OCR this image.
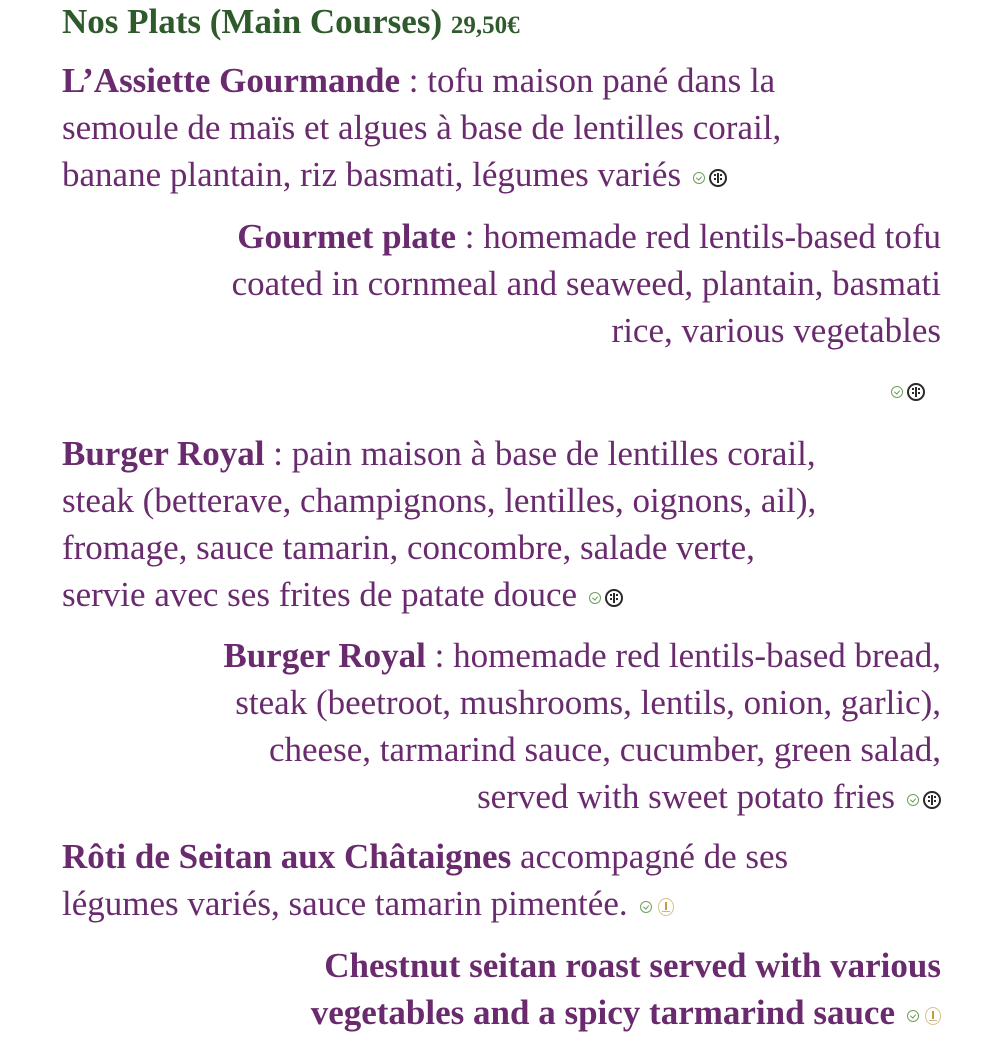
Nos Plats (Main Courses) 29,50€

L’Assiette Gourmande : tofu maison pané dans la
semoule de maïs et algues à base de lentilles corail,
banane plantain, riz basmati, légumes variés

Gourmet plate : homemade red lentils-based tofu
coated in cornmeal and seaweed, plantain, basmati
rice, various vegetables

Burger Royal : pain maison à base de lentilles corail,
steak (betterave, champignons, lentilles, oignons, ail),
fromage, sauce tamarin, concombre, salade verte,
servie avec ses frites de patate douce

Burger Royal : homemade red lentils-based bread,
steak (beetroot, mushrooms, lentils, onion, garlic),
cheese, tarmarind sauce, cucumber, green salad,
served with sweet potato fries

Rôti de Seitan aux Châtaignes accompagné de ses
légumes variés, sauce tamarin pimentée.

Chestnut seitan roast served with various
vegetables and a spicy tarmarind sauce
